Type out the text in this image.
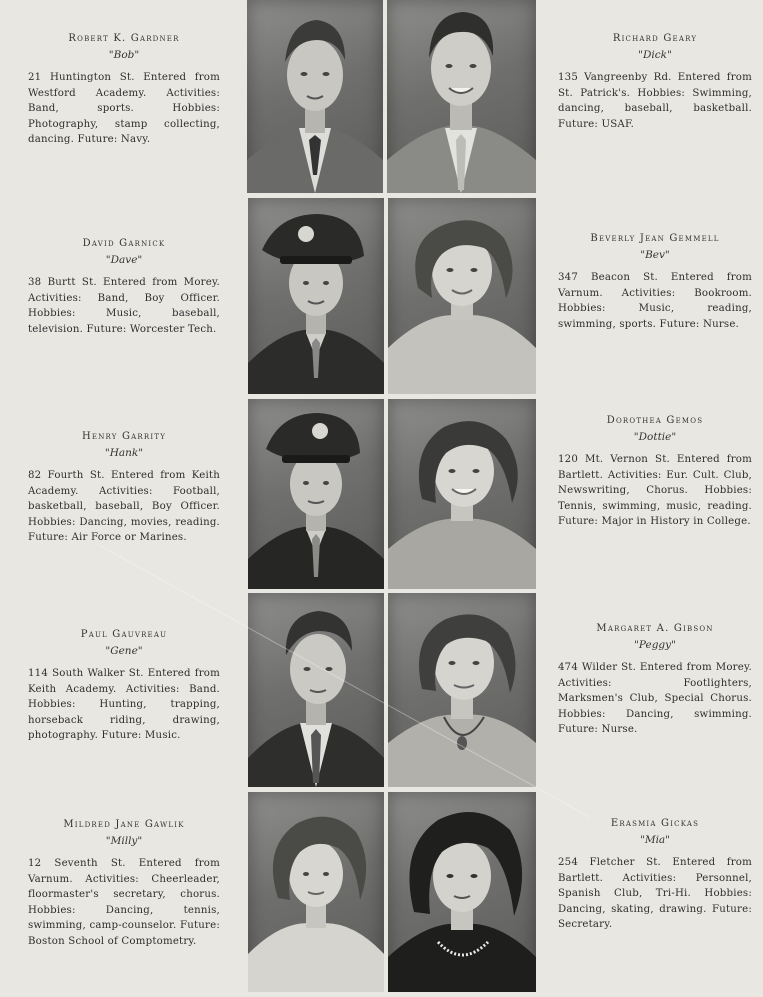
Robert K. Gardner

"Bob"

21 Huntington St. Entered from Westford Academy. Activities: Band, sports. Hobbies: Photography, stamp collecting, dancing. Future: Navy.

Richard Geary

"Dick"

135 Vangreenby Rd. Entered from St. Patrick's. Hobbies: Swimming, dancing, baseball, basketball. Future: USAF.

David Garnick

"Dave"

38 Burtt St. Entered from Morey. Activities: Band, Boy Officer. Hobbies: Music, baseball, television. Future: Worcester Tech.

Beverly Jean Gemmell

"Bev"

347 Beacon St. Entered from Varnum. Activities: Bookroom. Hobbies: Music, reading, swimming, sports. Future: Nurse.

Henry Garrity

"Hank"

82 Fourth St. Entered from Keith Academy. Activities: Football, basketball, baseball, Boy Officer. Hobbies: Dancing, movies, reading. Future: Air Force or Marines.

Dorothea Gemos

"Dottie"

120 Mt. Vernon St. Entered from Bartlett. Activities: Eur. Cult. Club, Newswriting, Chorus. Hobbies: Tennis, swimming, music, reading. Future: Major in History in College.

Paul Gauvreau

"Gene"

114 South Walker St. Entered from Keith Academy. Activities: Band. Hobbies: Hunting, trapping, horseback riding, drawing, photography. Future: Music.

Margaret A. Gibson

"Peggy"

474 Wilder St. Entered from Morey. Activities: Footlighters, Marksmen's Club, Special Chorus. Hobbies: Dancing, swimming. Future: Nurse.

Mildred Jane Gawlik

"Milly"

12 Seventh St. Entered from Varnum. Activities: Cheerleader, floormaster's secretary, chorus. Hobbies: Dancing, tennis, swimming, camp-counselor. Future: Boston School of Comptometry.

Erasmia Gickas

"Mia"

254 Fletcher St. Entered from Bartlett. Activities: Personnel, Spanish Club, Tri-Hi. Hobbies: Dancing, skating, drawing. Future: Secretary.
